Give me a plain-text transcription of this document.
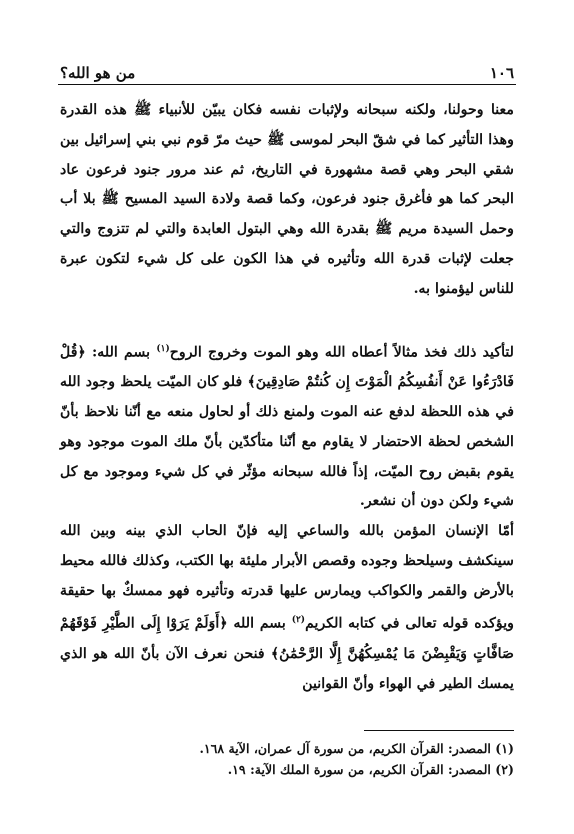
١٠٦
من هو الله؟

معنا وحولنا، ولكنه سبحانه ولإثبات نفسه فكان يبيّن للأنبياء ﷺ هذه القدرة وهذا التأثير كما في شقّ البحر لموسى ﷺ حيث مرّ قوم نبي بني إسرائيل بين شقي البحر وهي قصة مشهورة في التاريخ، ثم عند مرور جنود فرعون عاد البحر كما هو فأغرق جنود فرعون، وكما قصة ولادة السيد المسيح ﷺ بلا أب وحمل السيدة مريم ﷺ بقدرة الله وهي البتول العابدة والتي لم تتزوج والتي جعلت لإثبات قدرة الله وتأثيره في هذا الكون على كل شيء لتكون عبرة للناس ليؤمنوا به.

لتأكيد ذلك فخذ مثالاً أعطاه الله وهو الموت وخروج الروح$^{(١)}$ بسم الله: ﴿قُلْ فَادْرَءُوا عَنْ أَنفُسِكُمُ الْمَوْتَ إِن كُنتُمْ صَادِقِينَ﴾ فلو كان الميّت يلحظ وجود الله في هذه اللحظة لدفع عنه الموت ولمنع ذلك أو لحاول منعه مع أنّنا نلاحظ بأنّ الشخص لحظة الاحتضار لا يقاوم مع أنّنا متأكدّين بأنّ ملك الموت موجود وهو يقوم بقبض روح الميّت، إذاً فالله سبحانه مؤثّر في كل شيء وموجود مع كل شيء ولكن دون أن نشعر.

أمّا الإنسان المؤمن بالله والساعي إليه فإنّ الحاب الذي بينه وبين الله سينكشف وسيلحظ وجوده وقصص الأبرار مليئة بها الكتب، وكذلك فالله محيط بالأرض والقمر والكواكب ويمارس عليها قدرته وتأثيره فهو ممسكٌ بها حقيقة ويؤكده قوله تعالى في كتابه الكريم$^{(٢)}$ بسم الله ﴿أَوَلَمْ يَرَوْا إِلَى الطَّيْرِ فَوْقَهُمْ صَافَّاتٍ وَيَقْبِضْنَ مَا يُمْسِكُهُنَّ إِلَّا الرَّحْمَٰنُ﴾ فنحن نعرف الآن بأنّ الله هو الذي يمسك الطير في الهواء وأنّ القوانين

(١) المصدر: القرآن الكريم، من سورة آل عمران، الآية ١٦٨.

(٢) المصدر: القرآن الكريم، من سورة الملك الآية: ١٩.
